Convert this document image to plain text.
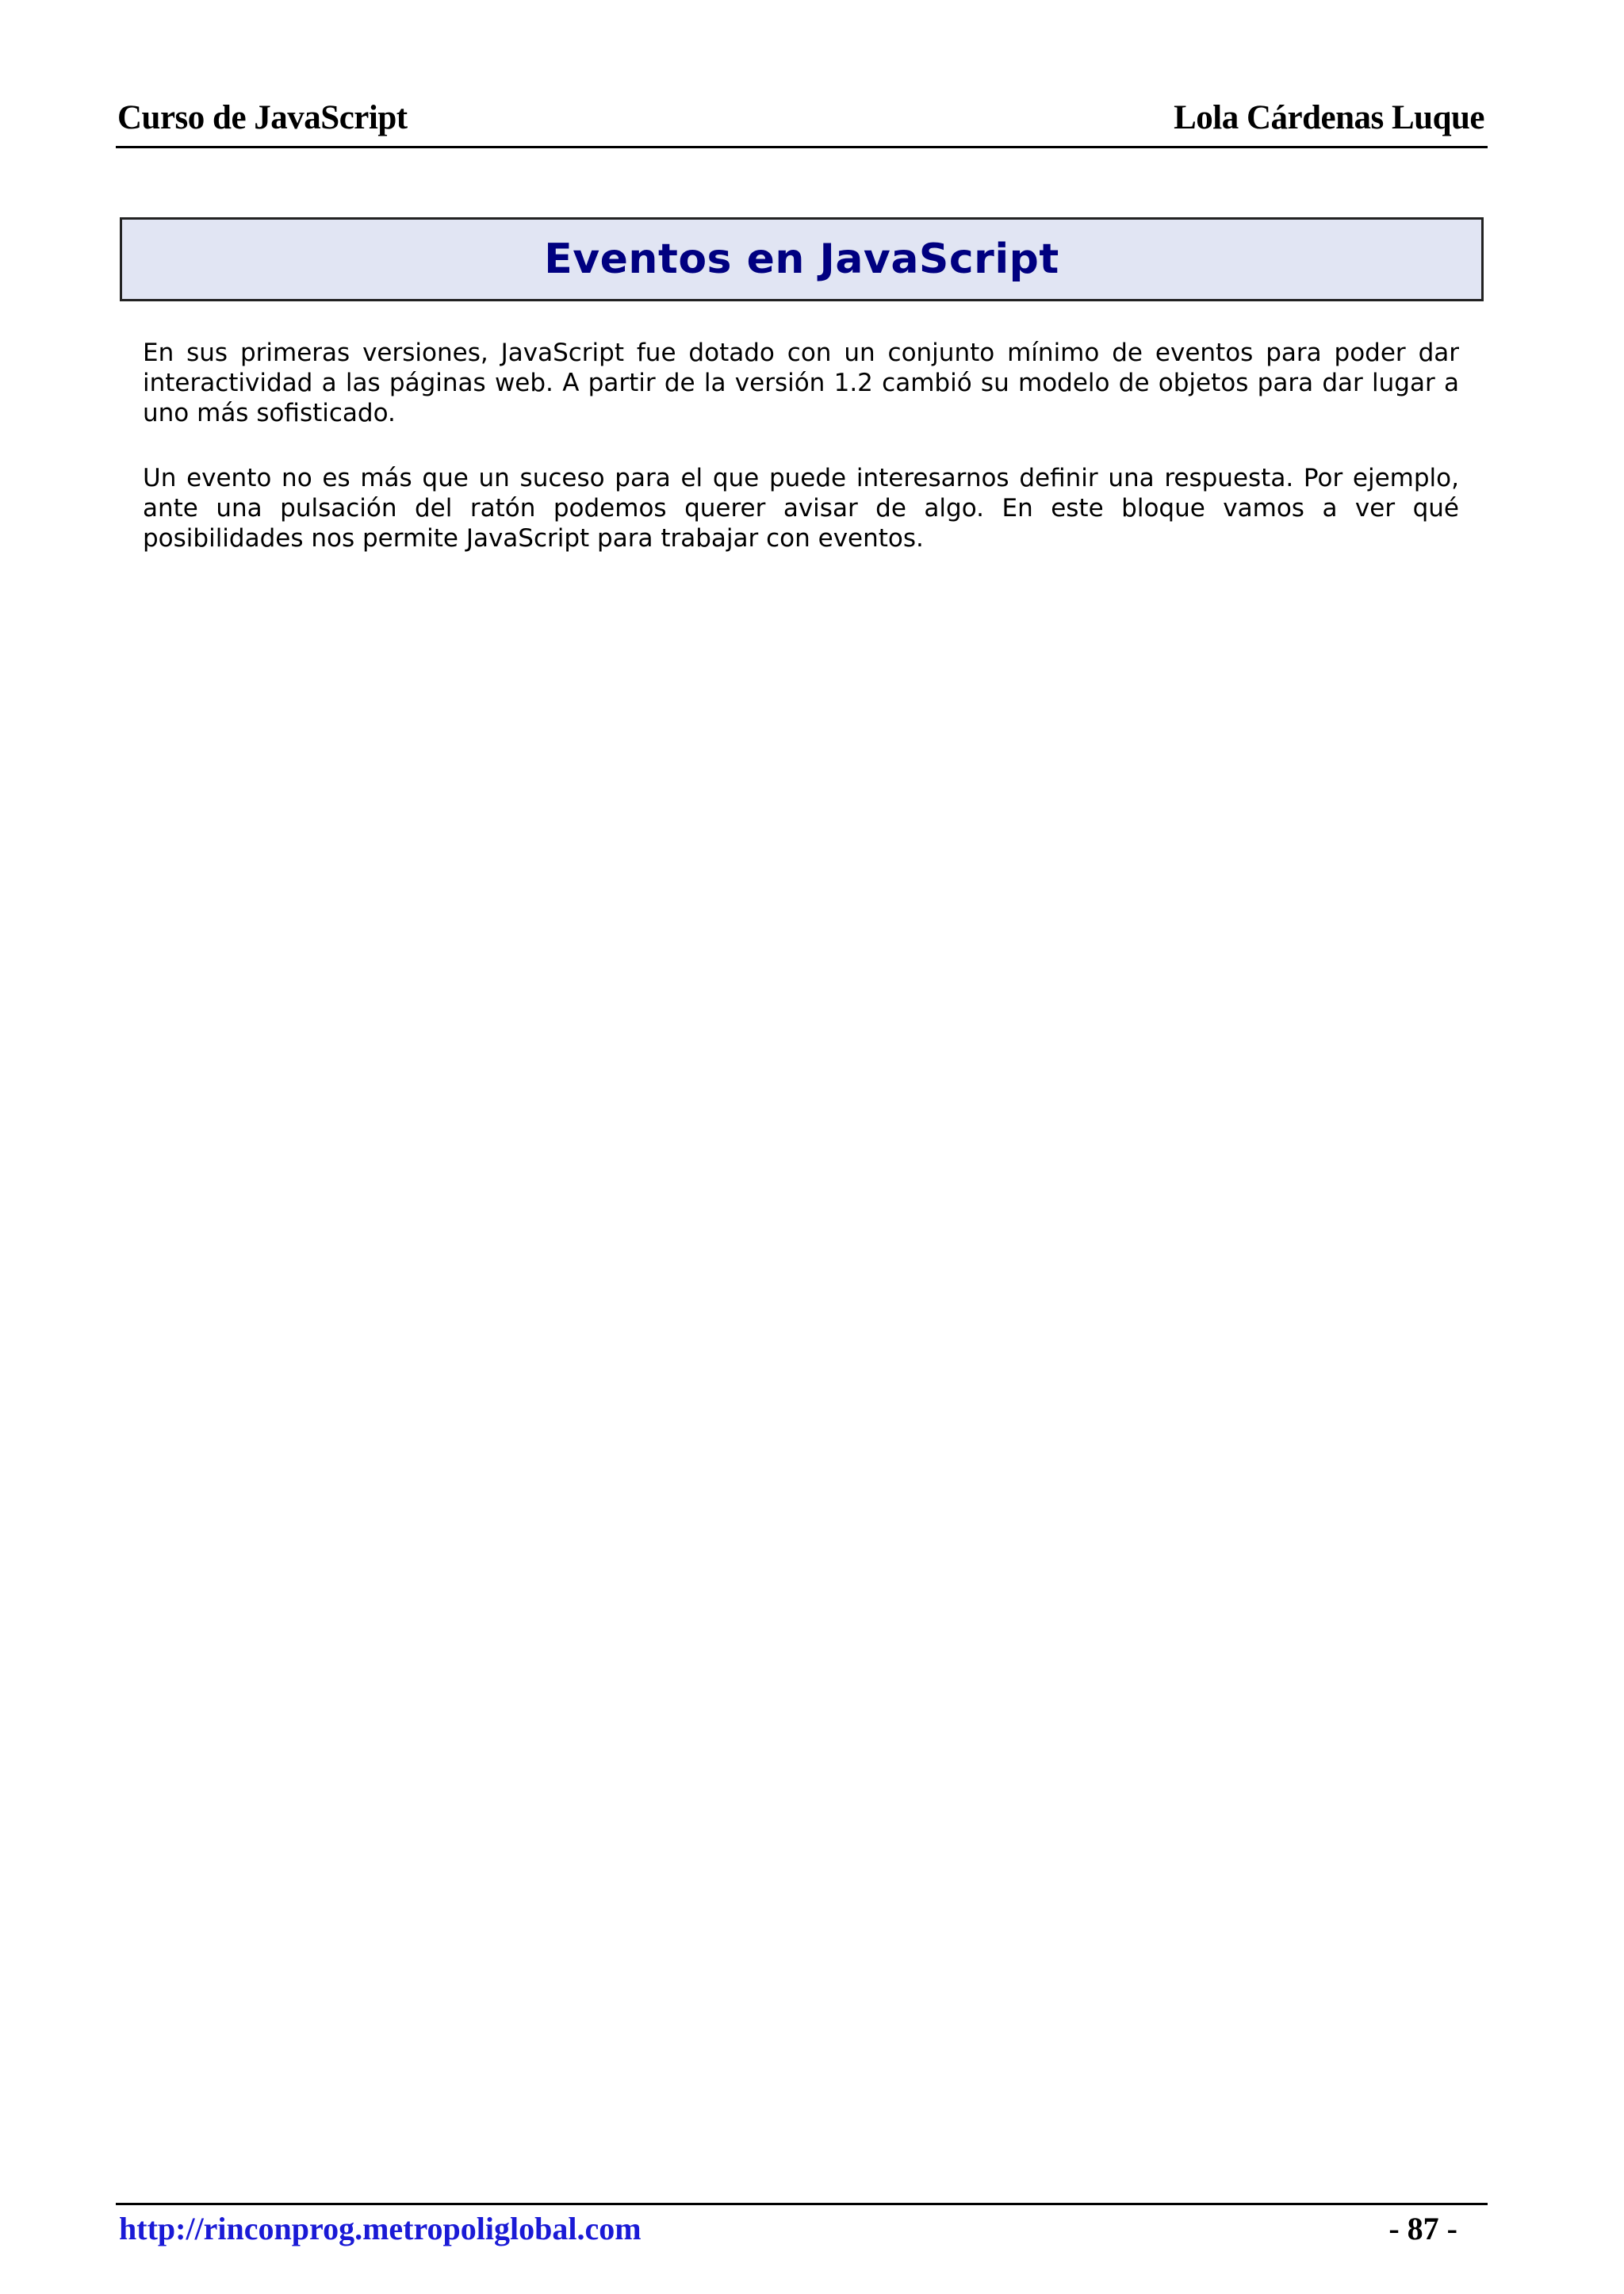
Curso de JavaScript	Lola Cárdenas Luque
Eventos en JavaScript

En sus primeras versiones, JavaScript fue dotado con un conjunto mínimo de eventos para poder dar interactividad a las páginas web. A partir de la versión 1.2 cambió su modelo de objetos para dar lugar a uno más sofisticado.

Un evento no es más que un suceso para el que puede interesarnos definir una respuesta. Por ejemplo, ante una pulsación del ratón podemos querer avisar de algo. En este bloque vamos a ver qué posibilidades nos permite JavaScript para trabajar con eventos.

http://rinconprog.metropoliglobal.com	- 87 -
